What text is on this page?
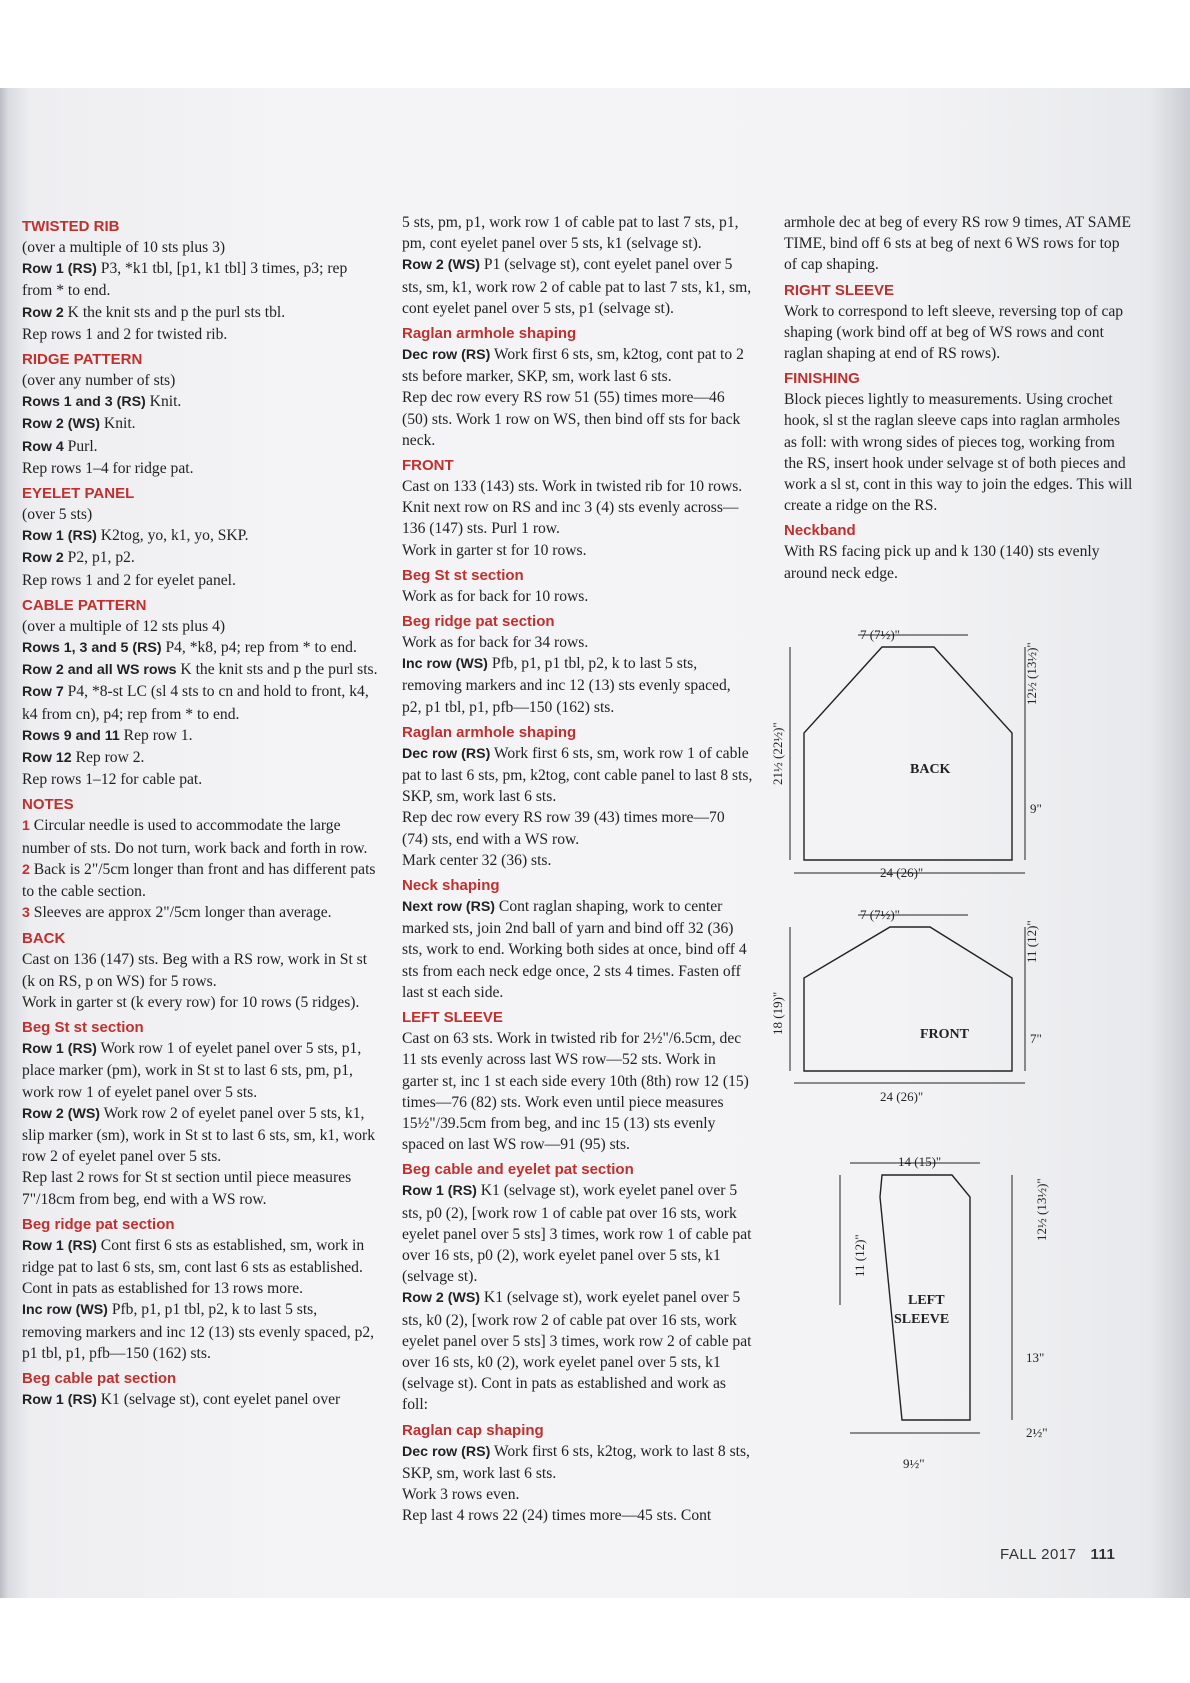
TWISTED RIB
(over a multiple of 10 sts plus 3)
Row 1 (RS) P3, *k1 tbl, [p1, k1 tbl] 3 times, p3; rep from * to end.
Row 2 K the knit sts and p the purl sts tbl.
Rep rows 1 and 2 for twisted rib.
RIDGE PATTERN
(over any number of sts)
Rows 1 and 3 (RS) Knit.
Row 2 (WS) Knit.
Row 4 Purl.
Rep rows 1–4 for ridge pat.
EYELET PANEL
(over 5 sts)
Row 1 (RS) K2tog, yo, k1, yo, SKP.
Row 2 P2, p1, p2.
Rep rows 1 and 2 for eyelet panel.
CABLE PATTERN
(over a multiple of 12 sts plus 4)
Rows 1, 3 and 5 (RS) P4, *k8, p4; rep from * to end.
Row 2 and all WS rows K the knit sts and p the purl sts.
Row 7 P4, *8-st LC (sl 4 sts to cn and hold to front, k4, k4 from cn), p4; rep from * to end.
Rows 9 and 11 Rep row 1.
Row 12 Rep row 2.
Rep rows 1–12 for cable pat.
NOTES
1 Circular needle is used to accommodate the large number of sts. Do not turn, work back and forth in row.
2 Back is 2"/5cm longer than front and has different pats to the cable section.
3 Sleeves are approx 2"/5cm longer than average.
BACK
Cast on 136 (147) sts. Beg with a RS row, work in St st (k on RS, p on WS) for 5 rows.
Work in garter st (k every row) for 10 rows (5 ridges).
Beg St st section
Row 1 (RS) Work row 1 of eyelet panel over 5 sts, p1, place marker (pm), work in St st to last 6 sts, pm, p1, work row 1 of eyelet panel over 5 sts.
Row 2 (WS) Work row 2 of eyelet panel over 5 sts, k1, slip marker (sm), work in St st to last 6 sts, sm, k1, work row 2 of eyelet panel over 5 sts.
Rep last 2 rows for St st section until piece measures 7"/18cm from beg, end with a WS row.
Beg ridge pat section
Row 1 (RS) Cont first 6 sts as established, sm, work in ridge pat to last 6 sts, sm, cont last 6 sts as established.
Cont in pats as established for 13 rows more.
Inc row (WS) Pfb, p1, p1 tbl, p2, k to last 5 sts, removing markers and inc 12 (13) sts evenly spaced, p2, p1 tbl, p1, pfb—150 (162) sts.
Beg cable pat section
Row 1 (RS) K1 (selvage st), cont eyelet panel over
5 sts, pm, p1, work row 1 of cable pat to last 7 sts, p1, pm, cont eyelet panel over 5 sts, k1 (selvage st).
Row 2 (WS) P1 (selvage st), cont eyelet panel over 5 sts, sm, k1, work row 2 of cable pat to last 7 sts, k1, sm, cont eyelet panel over 5 sts, p1 (selvage st).
Raglan armhole shaping
Dec row (RS) Work first 6 sts, sm, k2tog, cont pat to 2 sts before marker, SKP, sm, work last 6 sts.
Rep dec row every RS row 51 (55) times more—46 (50) sts. Work 1 row on WS, then bind off sts for back neck.
FRONT
Cast on 133 (143) sts. Work in twisted rib for 10 rows. Knit next row on RS and inc 3 (4) sts evenly across—136 (147) sts. Purl 1 row.
Work in garter st for 10 rows.
Beg St st section
Work as for back for 10 rows.
Beg ridge pat section
Work as for back for 34 rows.
Inc row (WS) Pfb, p1, p1 tbl, p2, k to last 5 sts, removing markers and inc 12 (13) sts evenly spaced, p2, p1 tbl, p1, pfb—150 (162) sts.
Raglan armhole shaping
Dec row (RS) Work first 6 sts, sm, work row 1 of cable pat to last 6 sts, pm, k2tog, cont cable panel to last 8 sts, SKP, sm, work last 6 sts.
Rep dec row every RS row 39 (43) times more—70 (74) sts, end with a WS row.
Mark center 32 (36) sts.
Neck shaping
Next row (RS) Cont raglan shaping, work to center marked sts, join 2nd ball of yarn and bind off 32 (36) sts, work to end. Working both sides at once, bind off 4 sts from each neck edge once, 2 sts 4 times. Fasten off last st each side.
LEFT SLEEVE
Cast on 63 sts. Work in twisted rib for 2½"/6.5cm, dec 11 sts evenly across last WS row—52 sts. Work in garter st, inc 1 st each side every 10th (8th) row 12 (15) times—76 (82) sts. Work even until piece measures 15½"/39.5cm from beg, and inc 15 (13) sts evenly spaced on last WS row—91 (95) sts.
Beg cable and eyelet pat section
Row 1 (RS) K1 (selvage st), work eyelet panel over 5 sts, p0 (2), [work row 1 of cable pat over 16 sts, work eyelet panel over 5 sts] 3 times, work row 1 of cable pat over 16 sts, p0 (2), work eyelet panel over 5 sts, k1 (selvage st).
Row 2 (WS) K1 (selvage st), work eyelet panel over 5 sts, k0 (2), [work row 2 of cable pat over 16 sts, work eyelet panel over 5 sts] 3 times, work row 2 of cable pat over 16 sts, k0 (2), work eyelet panel over 5 sts, k1 (selvage st). Cont in pats as established and work as foll:
Raglan cap shaping
Dec row (RS) Work first 6 sts, k2tog, work to last 8 sts, SKP, sm, work last 6 sts.
Work 3 rows even.
Rep last 4 rows 22 (24) times more—45 sts. Cont
armhole dec at beg of every RS row 9 times, AT SAME TIME, bind off 6 sts at beg of next 6 WS rows for top of cap shaping.
RIGHT SLEEVE
Work to correspond to left sleeve, reversing top of cap shaping (work bind off at beg of WS rows and cont raglan shaping at end of RS rows).
FINISHING
Block pieces lightly to measurements. Using crochet hook, sl st the raglan sleeve caps into raglan armholes as foll: with wrong sides of pieces tog, working from the RS, insert hook under selvage st of both pieces and work a sl st, cont in this way to join the edges. This will create a ridge on the RS.
Neckband
With RS facing pick up and k 130 (140) sts evenly around neck edge.
7 (7½)"
24 (26)"
21½ (22½)"
12½ (13½)"
9"
BACK
7 (7½)"
24 (26)"
18 (19)"
11 (12)"
7"
FRONT
14 (15)"
9½"
11 (12)"
12½ (13½)"
13"
2½"
LEFT
SLEEVE
FALL 2017 111
